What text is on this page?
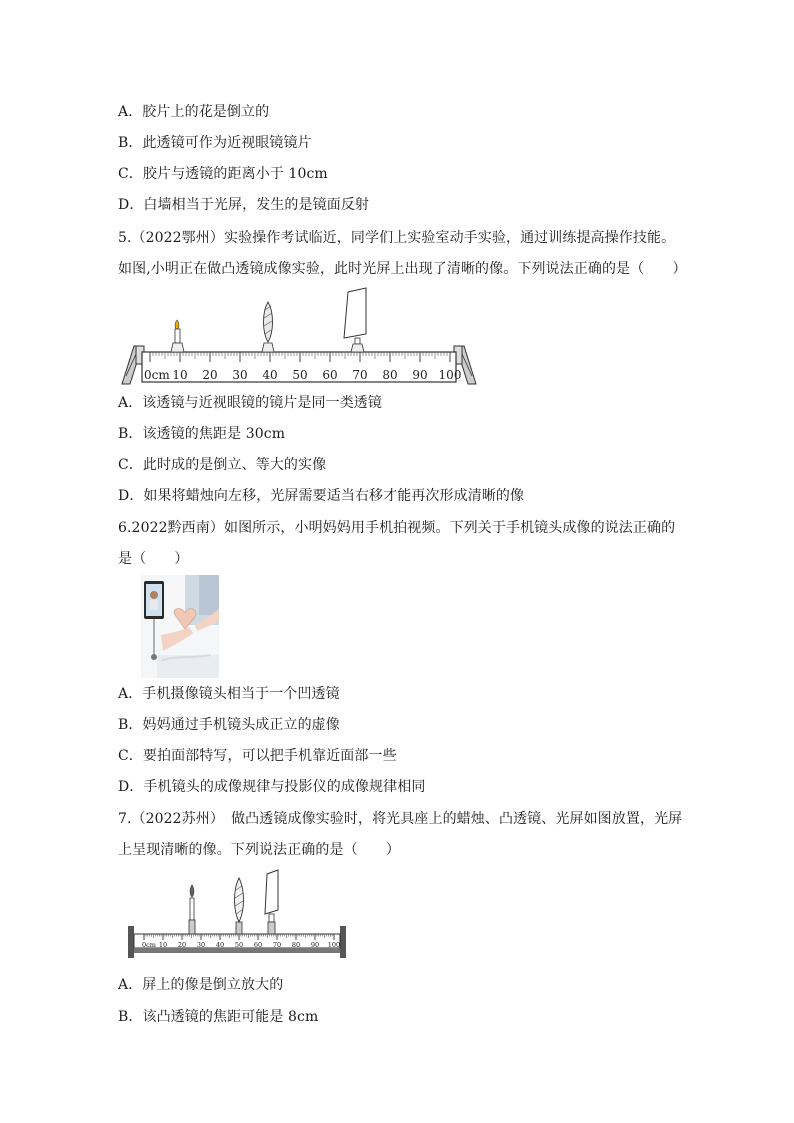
A．胶片上的花是倒立的
B．此透镜可作为近视眼镜镜片
C．胶片与透镜的距离小于 10cm
D．白墙相当于光屏，发生的是镜面反射
5.（2022鄂州）实验操作考试临近，同学们上实验室动手实验，通过训练提高操作技能。
如图,小明正在做凸透镜成像实验，此时光屏上出现了清晰的像。下列说法正确的是（　　）
0cm 10 20 30 40 50 60 70 80 90 100
A．该透镜与近视眼镜的镜片是同一类透镜
B．该透镜的焦距是 30cm
C．此时成的是倒立、等大的实像
D．如果将蜡烛向左移，光屏需要适当右移才能再次形成清晰的像
6.2022黔西南）如图所示，小明妈妈用手机拍视频。下列关于手机镜头成像的说法正确的
是（　　）
A．手机摄像镜头相当于一个凹透镜
B．妈妈通过手机镜头成正立的虚像
C．要拍面部特写，可以把手机靠近面部一些
D．手机镜头的成像规律与投影仪的成像规律相同
7.（2022苏州）　做凸透镜成像实验时，将光具座上的蜡烛、凸透镜、光屏如图放置，光屏
上呈现清晰的像。下列说法正确的是（　　）
0cm 10 20 30 40 50 60 70 80 90 100
A．屏上的像是倒立放大的
B．该凸透镜的焦距可能是 8cm
